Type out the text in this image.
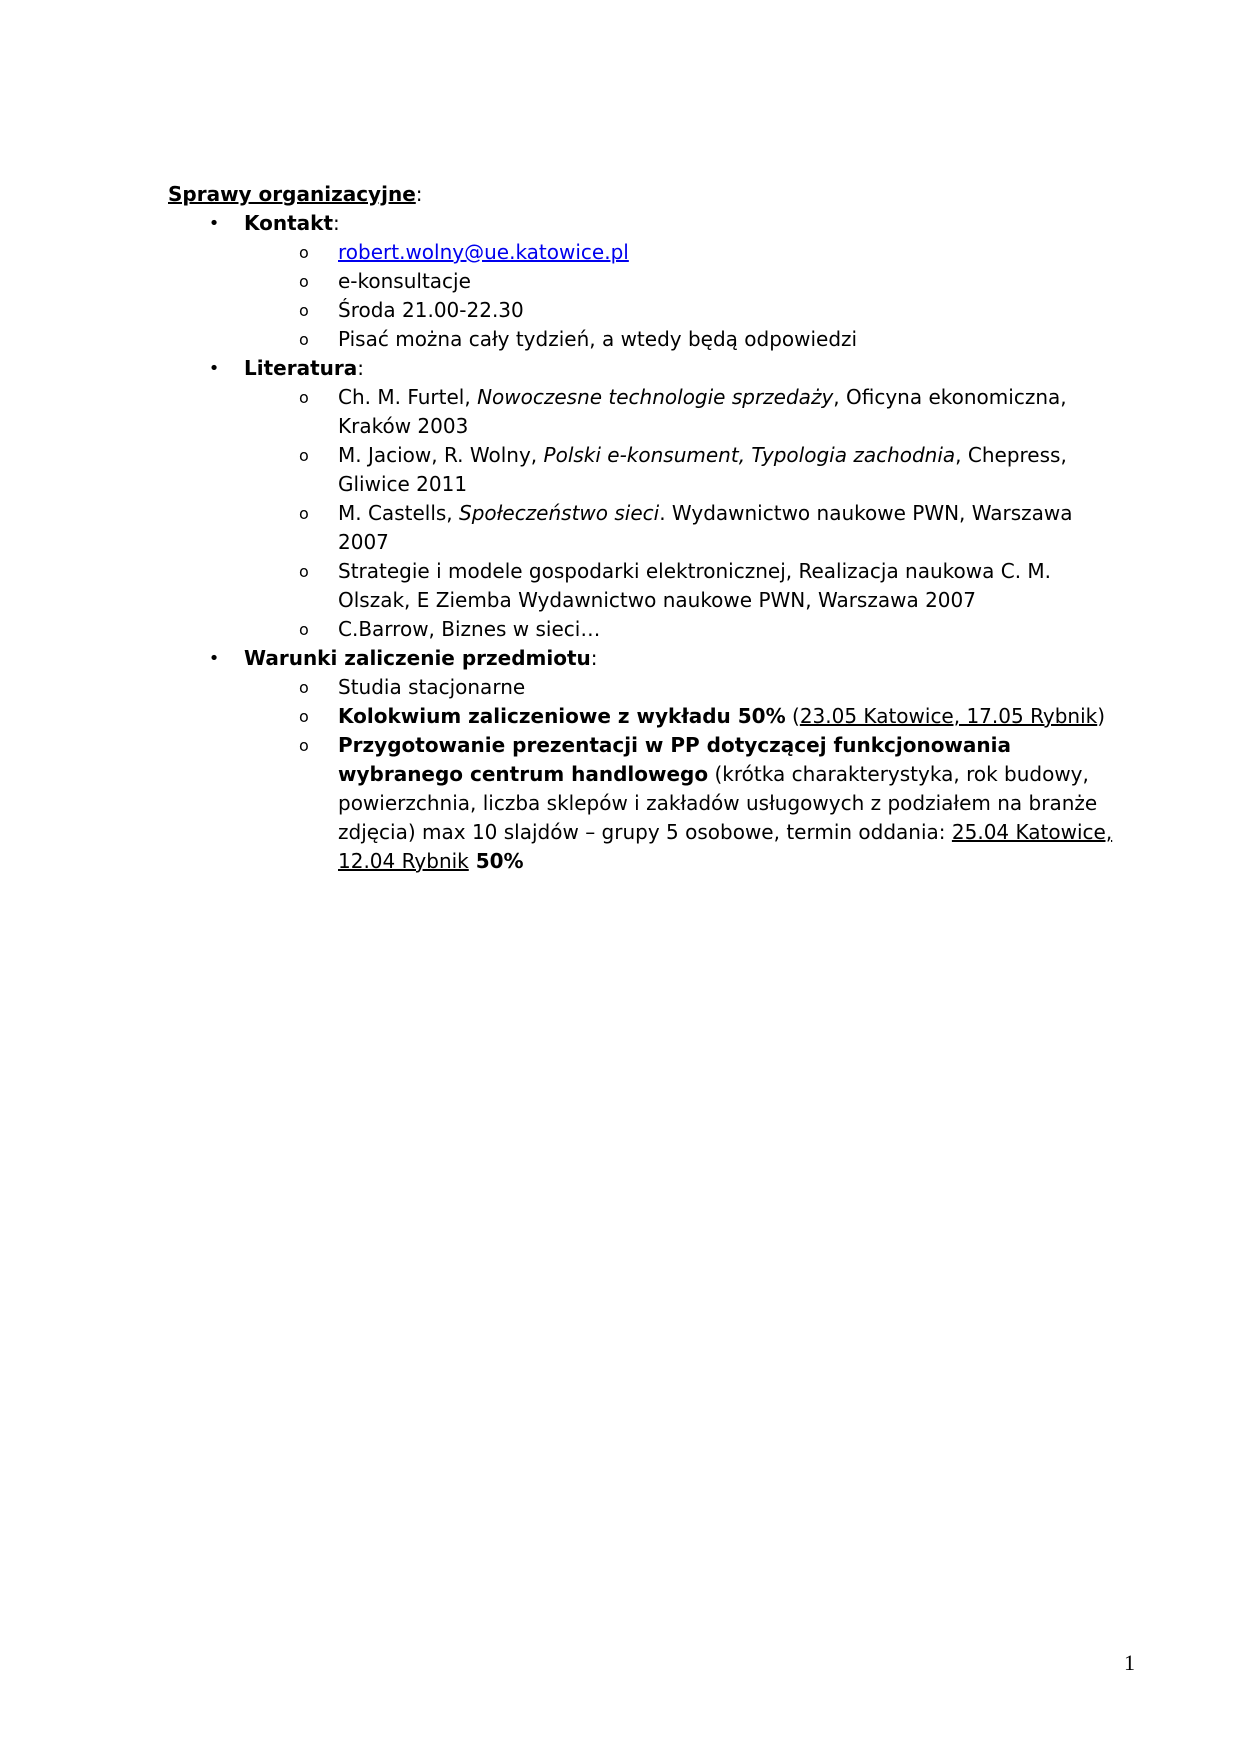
Sprawy organizacyjne:
• Kontakt:
o robert.wolny@ue.katowice.pl
o e-konsultacje
o Środa 21.00-22.30
o Pisać można cały tydzień, a wtedy będą odpowiedzi
• Literatura:
o Ch. M. Furtel, Nowoczesne technologie sprzedaży, Oficyna ekonomiczna, Kraków 2003
o M. Jaciow, R. Wolny, Polski e-konsument, Typologia zachodnia, Chepress, Gliwice 2011
o M. Castells, Społeczeństwo sieci. Wydawnictwo naukowe PWN, Warszawa 2007
o Strategie i modele gospodarki elektronicznej, Realizacja naukowa C. M. Olszak, E Ziemba Wydawnictwo naukowe PWN, Warszawa 2007
o C.Barrow, Biznes w sieci…
• Warunki zaliczenie przedmiotu:
o Studia stacjonarne
o Kolokwium zaliczeniowe z wykładu 50% (23.05 Katowice, 17.05 Rybnik)
o Przygotowanie prezentacji w PP dotyczącej funkcjonowania wybranego centrum handlowego (krótka charakterystyka, rok budowy, powierzchnia, liczba sklepów i zakładów usługowych z podziałem na branże zdjęcia) max 10 slajdów – grupy 5 osobowe, termin oddania: 25.04 Katowice, 12.04 Rybnik 50%
1
